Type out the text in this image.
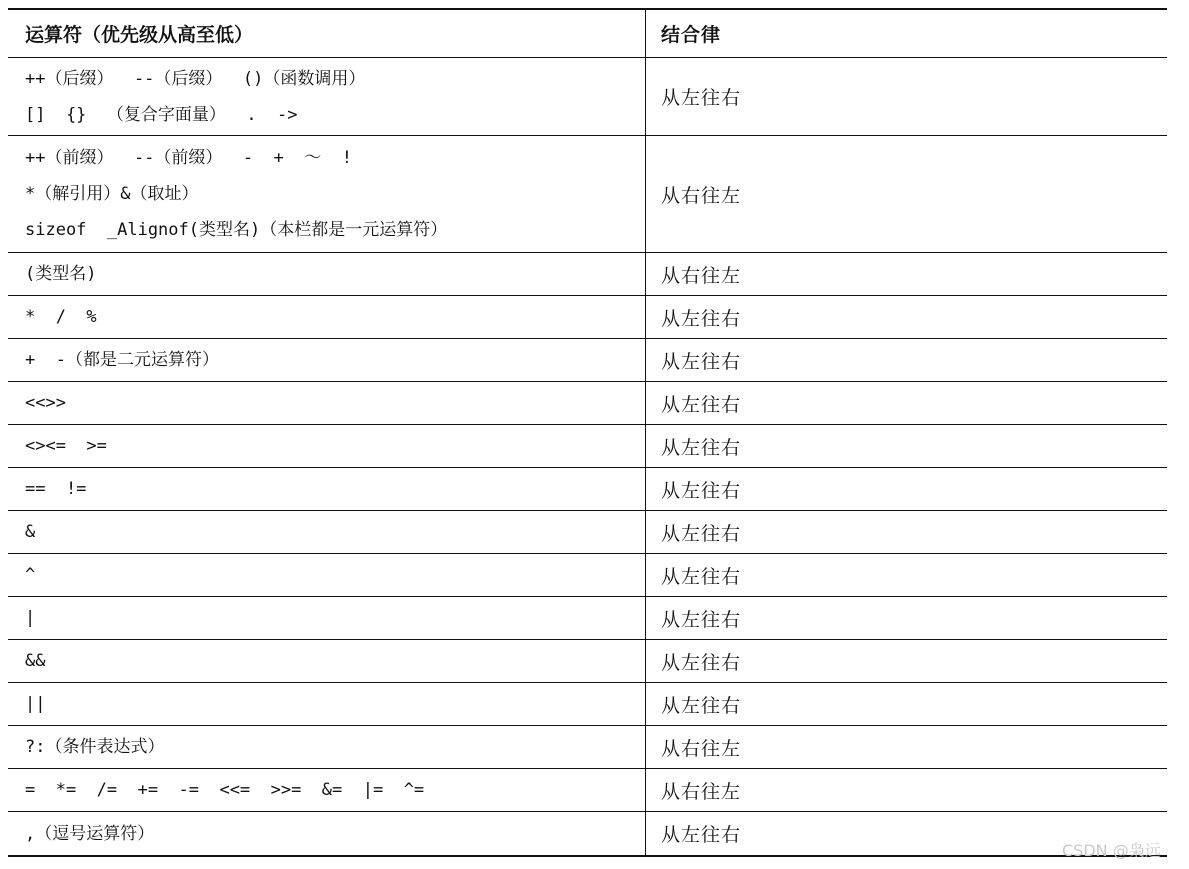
运算符（优先级从高至低）	结合律
++（后缀）  --（后缀）  ()（函数调用）
[]  {}  （复合字面量）  .  ->
从左往右
++（前缀）  --（前缀）  -  +  ～  !
*（解引用）&（取址）
sizeof  _Alignof(类型名)（本栏都是一元运算符）
从右往左
(类型名)	从右往左
*  /  %	从左往右
+  -（都是二元运算符）	从左往右
<<>>	从左往右
<><=  >=	从左往右
==  !=	从左往右
&	从左往右
^	从左往右
|	从左往右
&&	从左往右
||	从左往右
?:（条件表达式）	从右往左
=  *=  /=  +=  -=  <<=  >>=  &=  |=  ^=	从右往左
,（逗号运算符）	从左往右
CSDN @枭远
